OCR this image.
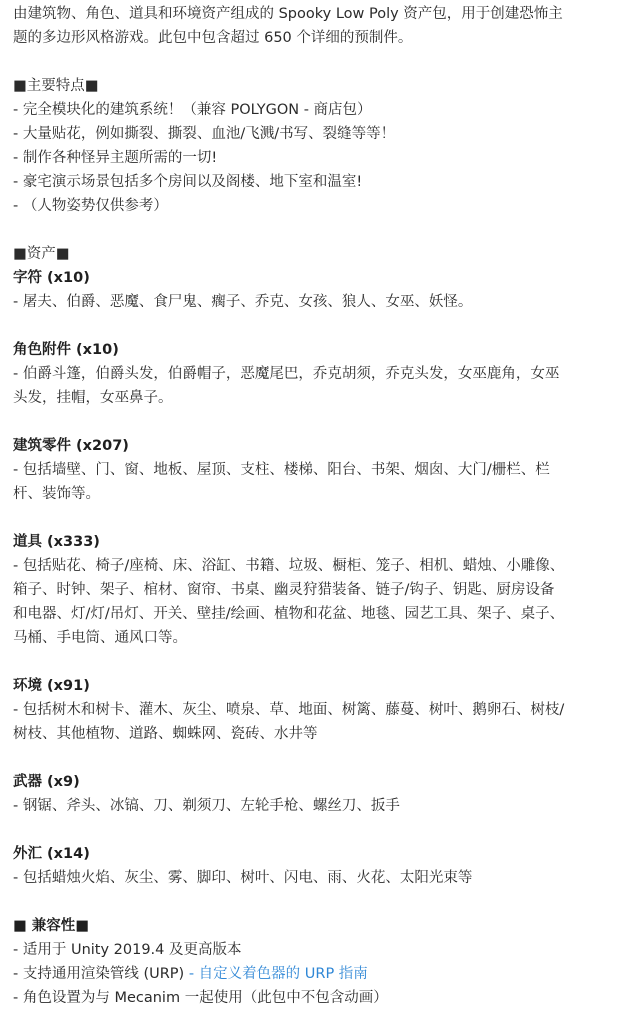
由建筑物、角色、道具和环境资产组成的 Spooky Low Poly 资产包，用于创建恐怖主
题的多边形风格游戏。此包中包含超过 650 个详细的预制件。
■主要特点■
- 完全模块化的建筑系统！（兼容 POLYGON - 商店包）
- 大量贴花，例如撕裂、撕裂、血池/飞溅/书写、裂缝等等！
- 制作各种怪异主题所需的一切!
- 豪宅演示场景包括多个房间以及阁楼、地下室和温室!
- （人物姿势仅供参考）
■资产■
字符 (x10)
- 屠夫、伯爵、恶魔、食尸鬼、瘸子、乔克、女孩、狼人、女巫、妖怪。
角色附件 (x10)
- 伯爵斗篷，伯爵头发，伯爵帽子，恶魔尾巴，乔克胡须，乔克头发，女巫鹿角，女巫
头发，挂帽，女巫鼻子。
建筑零件 (x207)
- 包括墙壁、门、窗、地板、屋顶、支柱、楼梯、阳台、书架、烟囱、大门/栅栏、栏
杆、装饰等。
道具 (x333)
- 包括贴花、椅子/座椅、床、浴缸、书籍、垃圾、橱柜、笼子、相机、蜡烛、小雕像、
箱子、时钟、架子、棺材、窗帘、书桌、幽灵狩猎装备、链子/钩子、钥匙、厨房设备
和电器、灯/灯/吊灯、开关、壁挂/绘画、植物和花盆、地毯、园艺工具、架子、桌子、
马桶、手电筒、通风口等。
环境 (x91)
- 包括树木和树卡、灌木、灰尘、喷泉、草、地面、树篱、藤蔓、树叶、鹅卵石、树枝/
树枝、其他植物、道路、蜘蛛网、瓷砖、水井等
武器 (x9)
- 钢锯、斧头、冰镐、刀、剃须刀、左轮手枪、螺丝刀、扳手
外汇 (x14)
- 包括蜡烛火焰、灰尘、雾、脚印、树叶、闪电、雨、火花、太阳光束等
■ 兼容性■
- 适用于 Unity 2019.4 及更高版本
- 支持通用渲染管线 (URP) - 自定义着色器的 URP 指南
- 角色设置为与 Mecanim 一起使用（此包中不包含动画）
